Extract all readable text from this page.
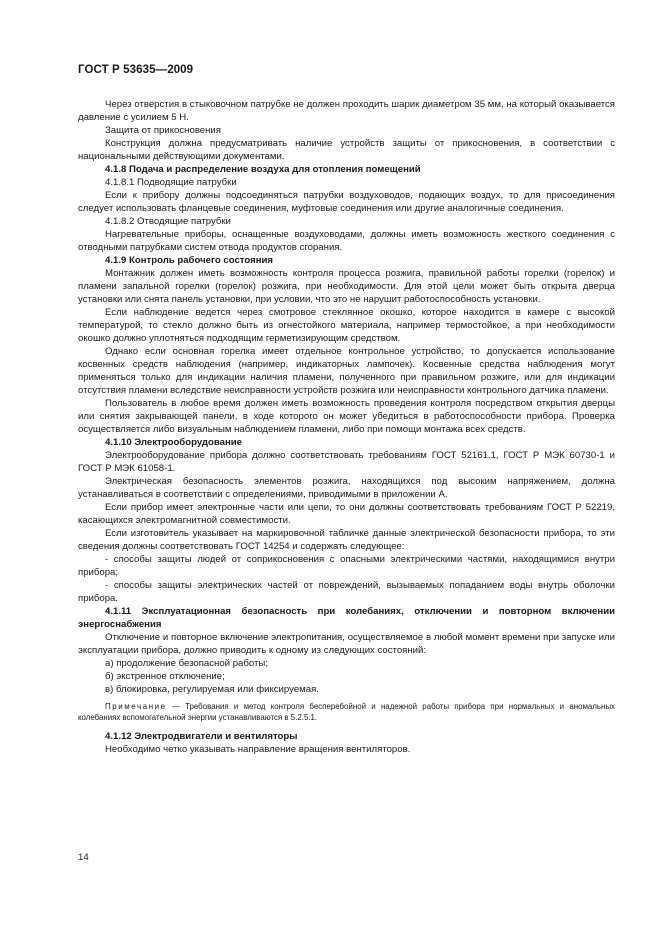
ГОСТ Р 53635—2009

Через отверстия в стыковочном патрубке не должен проходить шарик диаметром 35 мм, на который оказывается давление с усилием 5 Н.

Защита от прикосновения

Конструкция должна предусматривать наличие устройств защиты от прикосновения, в соответствии с национальными действующими документами.

4.1.8 Подача и распределение воздуха для отопления помещений

4.1.8.1 Подводящие патрубки

Если к прибору должны подсоединяться патрубки воздуховодов, подающих воздух, то для присоединения следует использовать фланцевые соединения, муфтовые соединения или другие аналогичные соединения.

4.1.8.2 Отводящие патрубки

Нагревательные приборы, оснащенные воздуховодами, должны иметь возможность жесткого соединения с отводными патрубками систем отвода продуктов сгорания.

4.1.9 Контроль рабочего состояния

Монтажник должен иметь возможность контроля процесса розжига, правильной работы горелки (горелок) и пламени запальной горелки (горелок) розжига, при необходимости. Для этой цели может быть открыта дверца установки или снята панель установки, при условии, что это не нарушит работоспособность установки.

Если наблюдение ведется через смотровое стеклянное окошко, которое находится в камере с высокой температурой, то стекло должно быть из огнестойкого материала, например термостойкое, а при необходимости окошко должно уплотняться подходящим герметизирующим средством.

Однако если основная горелка имеет отдельное контрольное устройство, то допускается использование косвенных средств наблюдения (например, индикаторных лампочек). Косвенные средства наблюдения могут применяться только для индикации наличия пламени, полученного при правильном розжиге, или для индикации отсутствия пламени вследствие неисправности устройств розжига или неисправности контрольного датчика пламени.

Пользователь в любое время должен иметь возможность проведения контроля посредством открытия дверцы или снятия закрывающей панели, в ходе которого он может убедиться в работоспособности прибора. Проверка осуществляется либо визуальным наблюдением пламени, либо при помощи монтажа всех средств.

4.1.10 Электрооборудование

Электрооборудование прибора должно соответствовать требованиям ГОСТ 52161.1, ГОСТ Р МЭК 60730-1 и ГОСТ Р МЭК 61058-1.

Электрическая безопасность элементов розжига, находящихся под высоким напряжением, должна устанавливаться в соответствии с определениями, приводимыми в приложении А.

Если прибор имеет электронные части или цепи, то они должны соответствовать требованиям ГОСТ Р 52219, касающихся электромагнитной совместимости.

Если изготовитель указывает на маркировочной табличке данные электрической безопасности прибора, то эти сведения должны соответствовать ГОСТ 14254 и содержать следующее:

- способы защиты людей от соприкосновения с опасными электрическими частями, находящимися внутри прибора;

- способы защиты электрических частей от повреждений, вызываемых попаданием воды внутрь оболочки прибора.

4.1.11 Эксплуатационная безопасность при колебаниях, отключении и повторном включении энергоснабжения

Отключение и повторное включение электропитания, осуществляемое в любой момент времени при запуске или эксплуатации прибора, должно приводить к одному из следующих состояний:

а) продолжение безопасной работы;

б) экстренное отключение;

в) блокировка, регулируемая или фиксируемая.

Примечание — Требования и метод контроля бесперебойной и надежной работы прибора при нормальных и аномальных колебаниях вспомогательной энергии устанавливаются в 5.2.5.1.

4.1.12 Электродвигатели и вентиляторы

Необходимо четко указывать направление вращения вентиляторов.

14
